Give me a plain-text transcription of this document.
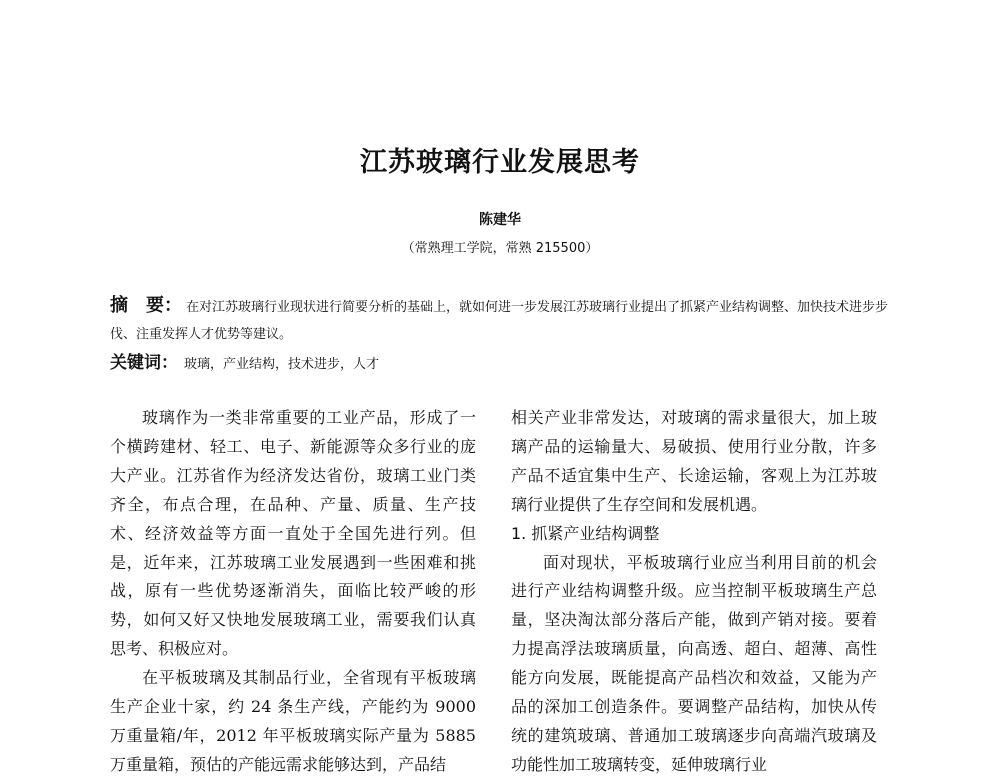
江苏玻璃行业发展思考
陈建华
（常熟理工学院，常熟 215500）
摘　要： 在对江苏玻璃行业现状进行简要分析的基础上，就如何进一步发展江苏玻璃行业提出了抓紧产业结构调整、加快技术进步步伐、注重发挥人才优势等建议。
关键词： 玻璃，产业结构，技术进步，人才

玻璃作为一类非常重要的工业产品，形成了一个横跨建材、轻工、电子、新能源等众多行业的庞大产业。江苏省作为经济发达省份，玻璃工业门类齐全，布点合理，在品种、产量、质量、生产技术、经济效益等方面一直处于全国先进行列。但是，近年来，江苏玻璃工业发展遇到一些困难和挑战，原有一些优势逐渐消失，面临比较严峻的形势，如何又好又快地发展玻璃工业，需要我们认真思考、积极应对。

在平板玻璃及其制品行业，全省现有平板玻璃生产企业十家，约 24 条生产线，产能约为 9000 万重量箱/年，2012 年平板玻璃实际产量为 5885 万重量箱，预估的产能远需求能够达到，产品结

相关产业非常发达，对玻璃的需求量很大，加上玻璃产品的运输量大、易破损、使用行业分散，许多产品不适宜集中生产、长途运输，客观上为江苏玻璃行业提供了生存空间和发展机遇。

1. 抓紧产业结构调整

面对现状，平板玻璃行业应当利用目前的机会进行产业结构调整升级。应当控制平板玻璃生产总量，坚决淘汰部分落后产能，做到产销对接。要着力提高浮法玻璃质量，向高透、超白、超薄、高性能方向发展，既能提高产品档次和效益，又能为产品的深加工创造条件。要调整产品结构，加快从传统的建筑玻璃、普通加工玻璃逐步向高端汽玻璃及功能性加工玻璃转变，延伸玻璃行业
